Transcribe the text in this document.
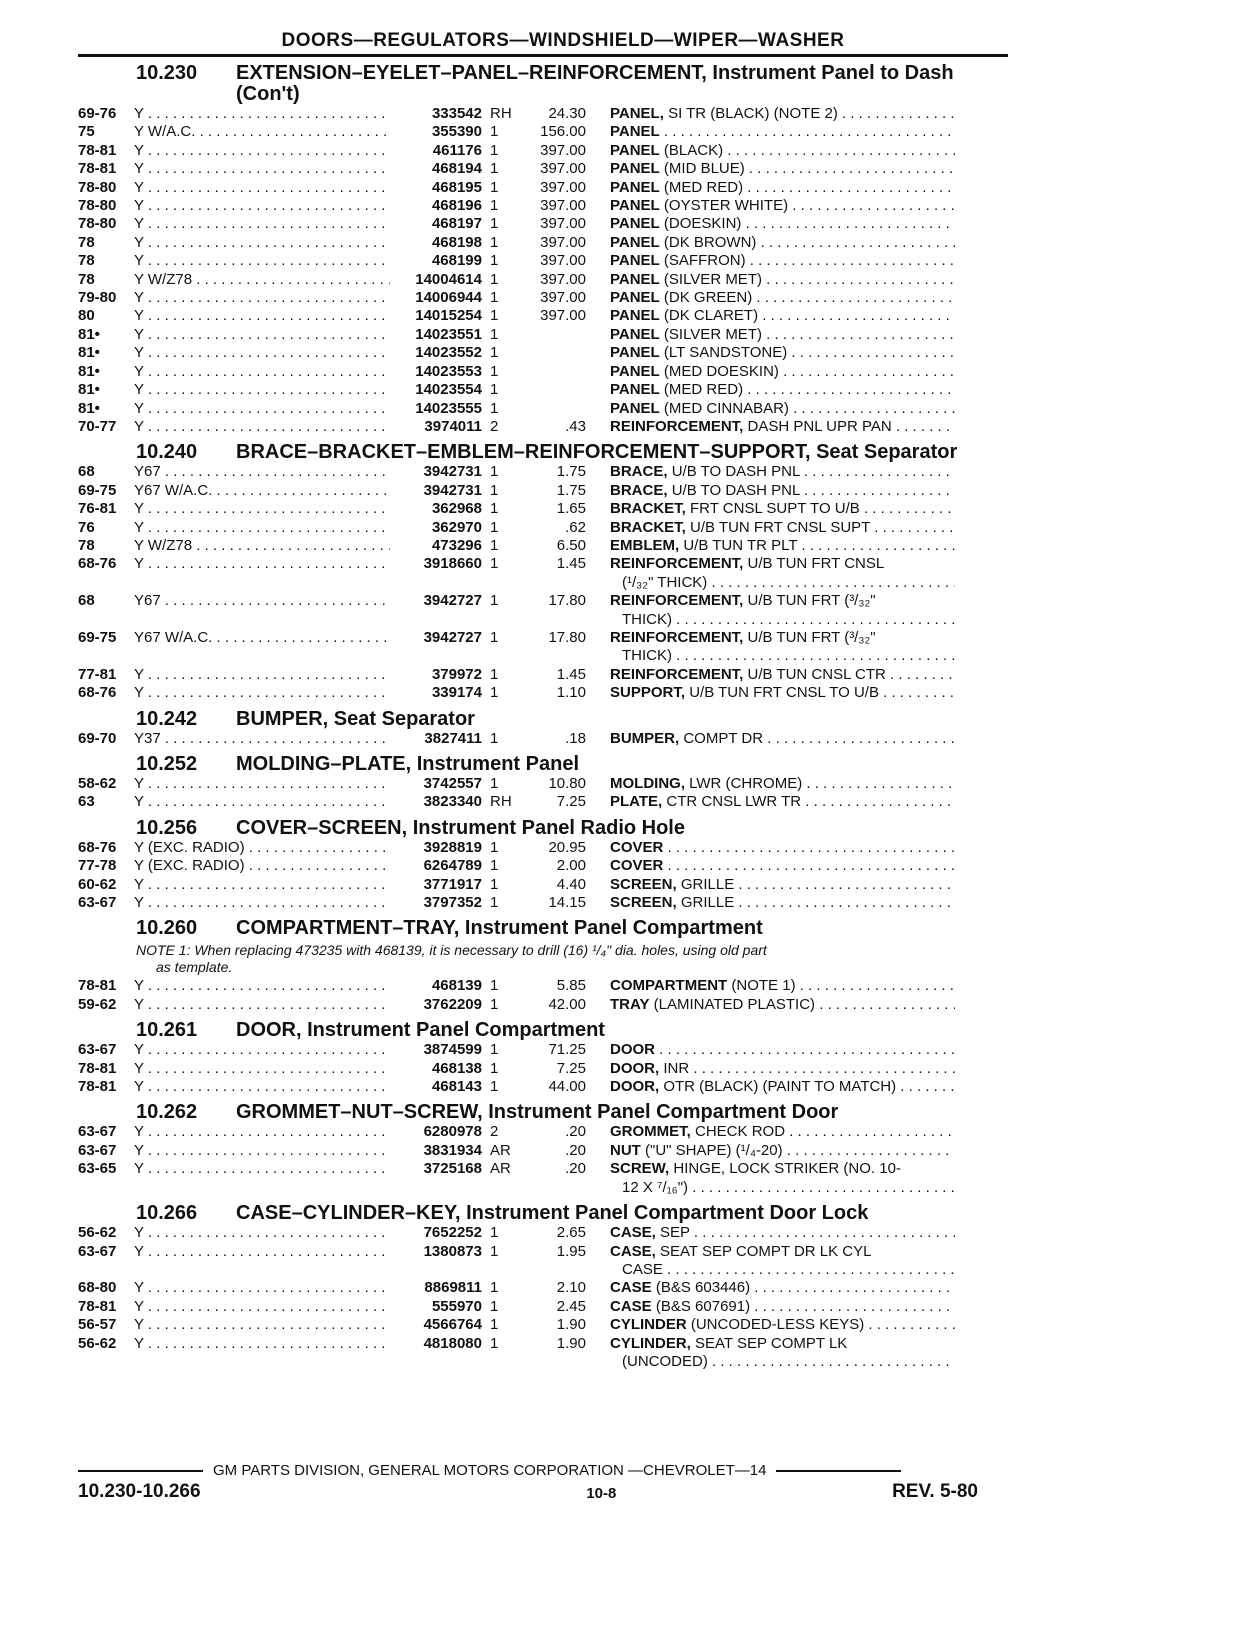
DOORS—REGULATORS—WINDSHIELD—WIPER—WASHER
10.230	EXTENSION–EYELET–PANEL–REINFORCEMENT, Instrument Panel to Dash (Con't)
69-76	Y . . .	333542 RH	24.30	PANEL, SI TR (BLACK) (NOTE 2) . . .
75	Y W/A.C. . . .	355390 1	156.00	PANEL . . .
78-81	Y . . .	461176 1	397.00	PANEL (BLACK) . . .
78-81	Y . . .	468194 1	397.00	PANEL (MID BLUE) . . .
78-80	Y . . .	468195 1	397.00	PANEL (MED RED) . . .
78-80	Y . . .	468196 1	397.00	PANEL (OYSTER WHITE) . . .
78-80	Y . . .	468197 1	397.00	PANEL (DOESKIN) . . .
78	Y . . .	468198 1	397.00	PANEL (DK BROWN) . . .
78	Y . . .	468199 1	397.00	PANEL (SAFFRON) . . .
78	Y W/Z78 . . .	14004614 1	397.00	PANEL (SILVER MET) . . .
79-80	Y . . .	14006944 1	397.00	PANEL (DK GREEN) . . .
80	Y . . .	14015254 1	397.00	PANEL (DK CLARET) . . .
81•	Y . . .	14023551 1	PANEL (SILVER MET) . . .
81•	Y . . .	14023552 1	PANEL (LT SANDSTONE) . . .
81•	Y . . .	14023553 1	PANEL (MED DOESKIN) . . .
81•	Y . . .	14023554 1	PANEL (MED RED) . . .
81•	Y . . .	14023555 1	PANEL (MED CINNABAR) . . .
70-77	Y . . .	3974011 2	.43	REINFORCEMENT, DASH PNL UPR PAN . . .
10.240	BRACE–BRACKET–EMBLEM–REINFORCEMENT–SUPPORT, Seat Separator
68	Y67 . . .	3942731 1	1.75	BRACE, U/B TO DASH PNL . . .
69-75	Y67 W/A.C. . . .	3942731 1	1.75	BRACE, U/B TO DASH PNL . . .
76-81	Y . . .	362968 1	1.65	BRACKET, FRT CNSL SUPT TO U/B . . .
76	Y . . .	362970 1	.62	BRACKET, U/B TUN FRT CNSL SUPT . . .
78	Y W/Z78 . . .	473296 1	6.50	EMBLEM, U/B TUN TR PLT . . .
68-76	Y . . .	3918660 1	1.45	REINFORCEMENT, U/B TUN FRT CNSL
(¹/₃₂" THICK) . . .
68	Y67 . . .	3942727 1	17.80	REINFORCEMENT, U/B TUN FRT (³/₃₂"
THICK) . . .
69-75	Y67 W/A.C. . . .	3942727 1	17.80	REINFORCEMENT, U/B TUN FRT (³/₃₂"
THICK) . . .
77-81	Y . . .	379972 1	1.45	REINFORCEMENT, U/B TUN CNSL CTR . . .
68-76	Y . . .	339174 1	1.10	SUPPORT, U/B TUN FRT CNSL TO U/B . . .
10.242	BUMPER, Seat Separator
69-70	Y37 . . .	3827411 1	.18	BUMPER, COMPT DR . . .
10.252	MOLDING–PLATE, Instrument Panel
58-62	Y . . .	3742557 1	10.80	MOLDING, LWR (CHROME) . . .
63	Y . . .	3823340 RH	7.25	PLATE, CTR CNSL LWR TR . . .
10.256	COVER–SCREEN, Instrument Panel Radio Hole
68-76	Y (EXC. RADIO) . . .	3928819 1	20.95	COVER . . .
77-78	Y (EXC. RADIO) . . .	6264789 1	2.00	COVER . . .
60-62	Y . . .	3771917 1	4.40	SCREEN, GRILLE . . .
63-67	Y . . .	3797352 1	14.15	SCREEN, GRILLE . . .
10.260	COMPARTMENT–TRAY, Instrument Panel Compartment
NOTE 1: When replacing 473235 with 468139, it is necessary to drill (16) ¹/₄" dia. holes, using old part
as template.
78-81	Y . . .	468139 1	5.85	COMPARTMENT (NOTE 1) . . .
59-62	Y . . .	3762209 1	42.00	TRAY (LAMINATED PLASTIC) . . .
10.261	DOOR, Instrument Panel Compartment
63-67	Y . . .	3874599 1	71.25	DOOR . . .
78-81	Y . . .	468138 1	7.25	DOOR, INR . . .
78-81	Y . . .	468143 1	44.00	DOOR, OTR (BLACK) (PAINT TO MATCH) . . .
10.262	GROMMET–NUT–SCREW, Instrument Panel Compartment Door
63-67	Y . . .	6280978 2	.20	GROMMET, CHECK ROD . . .
63-67	Y . . .	3831934 AR	.20	NUT ("U" SHAPE) (¹/₄-20) . . .
63-65	Y . . .	3725168 AR	.20	SCREW, HINGE, LOCK STRIKER (NO. 10-
12 X ⁷/₁₆") . . .
10.266	CASE–CYLINDER–KEY, Instrument Panel Compartment Door Lock
56-62	Y . . .	7652252 1	2.65	CASE, SEP . . .
63-67	Y . . .	1380873 1	1.95	CASE, SEAT SEP COMPT DR LK CYL
CASE . . .
68-80	Y . . .	8869811 1	2.10	CASE (B&S 603446) . . .
78-81	Y . . .	555970 1	2.45	CASE (B&S 607691) . . .
56-57	Y . . .	4566764 1	1.90	CYLINDER (UNCODED-LESS KEYS) . . .
56-62	Y . . .	4818080 1	1.90	CYLINDER, SEAT SEP COMPT LK
(UNCODED) . . .
GM PARTS DIVISION, GENERAL MOTORS CORPORATION —CHEVROLET—14
10.230-10.266	10-8	REV. 5-80
